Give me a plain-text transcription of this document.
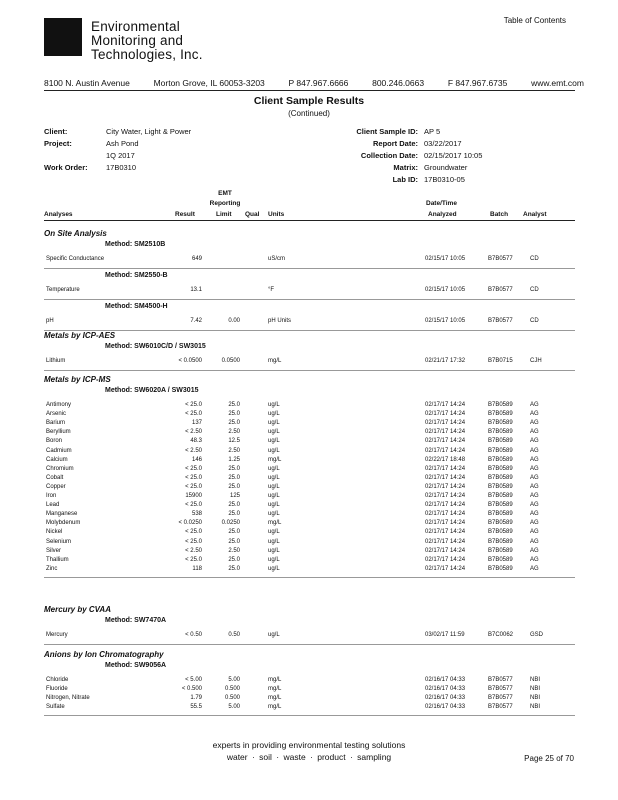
Table of Contents
Environmental
Monitoring and
Technologies, Inc.
8100 N. Austin Avenue	Morton Grove, IL 60053-3203	P 847.967.6666	800.246.0663	F 847.967.6735	www.emt.com
Client Sample Results
(Continued)
Client:	City Water, Light & Power
Project:	Ash Pond
1Q 2017
Work Order: 17B0310
Client Sample ID: AP 5
Report Date: 03/22/2017
Collection Date: 02/15/2017 10:05
Matrix: Groundwater
Lab ID: 17B0310-05
EMT
Reporting	Date/Time
Analyses	Result	Limit Qual Units	Analyzed	Batch Analyst
On Site Analysis
Method: SM2510B
Specific Conductance	649	uS/cm	02/15/17 10:05	B7B0577	CD
Method: SM2550-B
Temperature	13.1	°F	02/15/17 10:05	B7B0577	CD
Method: SM4500-H
pH	7.42	0.00	pH Units	02/15/17 10:05	B7B0577	CD
Metals by ICP-AES
Method: SW6010C/D / SW3015
Lithium	< 0.0500	0.0500	mg/L	02/21/17 17:32	B7B0715	CJH
Metals by ICP-MS
Method: SW6020A / SW3015
Antimony	< 25.0	25.0	ug/L	02/17/17 14:24	B7B0589	AG
Arsenic	< 25.0	25.0	ug/L	02/17/17 14:24	B7B0589	AG
Barium	137	25.0	ug/L	02/17/17 14:24	B7B0589	AG
Beryllium	< 2.50	2.50	ug/L	02/17/17 14:24	B7B0589	AG
Boron	48.3	12.5	ug/L	02/17/17 14:24	B7B0589	AG
Cadmium	< 2.50	2.50	ug/L	02/17/17 14:24	B7B0589	AG
Calcium	146	1.25	mg/L	02/22/17 18:48	B7B0589	AG
Chromium	< 25.0	25.0	ug/L	02/17/17 14:24	B7B0589	AG
Cobalt	< 25.0	25.0	ug/L	02/17/17 14:24	B7B0589	AG
Copper	< 25.0	25.0	ug/L	02/17/17 14:24	B7B0589	AG
Iron	15900	125	ug/L	02/17/17 14:24	B7B0589	AG
Lead	< 25.0	25.0	ug/L	02/17/17 14:24	B7B0589	AG
Manganese	538	25.0	ug/L	02/17/17 14:24	B7B0589	AG
Molybdenum	< 0.0250	0.0250	mg/L	02/17/17 14:24	B7B0589	AG
Nickel	< 25.0	25.0	ug/L	02/17/17 14:24	B7B0589	AG
Selenium	< 25.0	25.0	ug/L	02/17/17 14:24	B7B0589	AG
Silver	< 2.50	2.50	ug/L	02/17/17 14:24	B7B0589	AG
Thallium	< 25.0	25.0	ug/L	02/17/17 14:24	B7B0589	AG
Zinc	118	25.0	ug/L	02/17/17 14:24	B7B0589	AG
Mercury by CVAA
Method: SW7470A
Mercury	< 0.50	0.50	ug/L	03/02/17 11:59	B7C0062	GSD
Anions by Ion Chromatography
Method: SW9056A
Chloride	< 5.00	5.00	mg/L	02/16/17 04:33	B7B0577	NBI
Fluoride	< 0.500	0.500	mg/L	02/16/17 04:33	B7B0577	NBI
Nitrogen, Nitrate	1.79	0.500	mg/L	02/16/17 04:33	B7B0577	NBI
Sulfate	55.5	5.00	mg/L	02/16/17 04:33	B7B0577	NBI
experts in providing environmental testing solutions
water · soil · waste · product · sampling	Page 25 of 70
